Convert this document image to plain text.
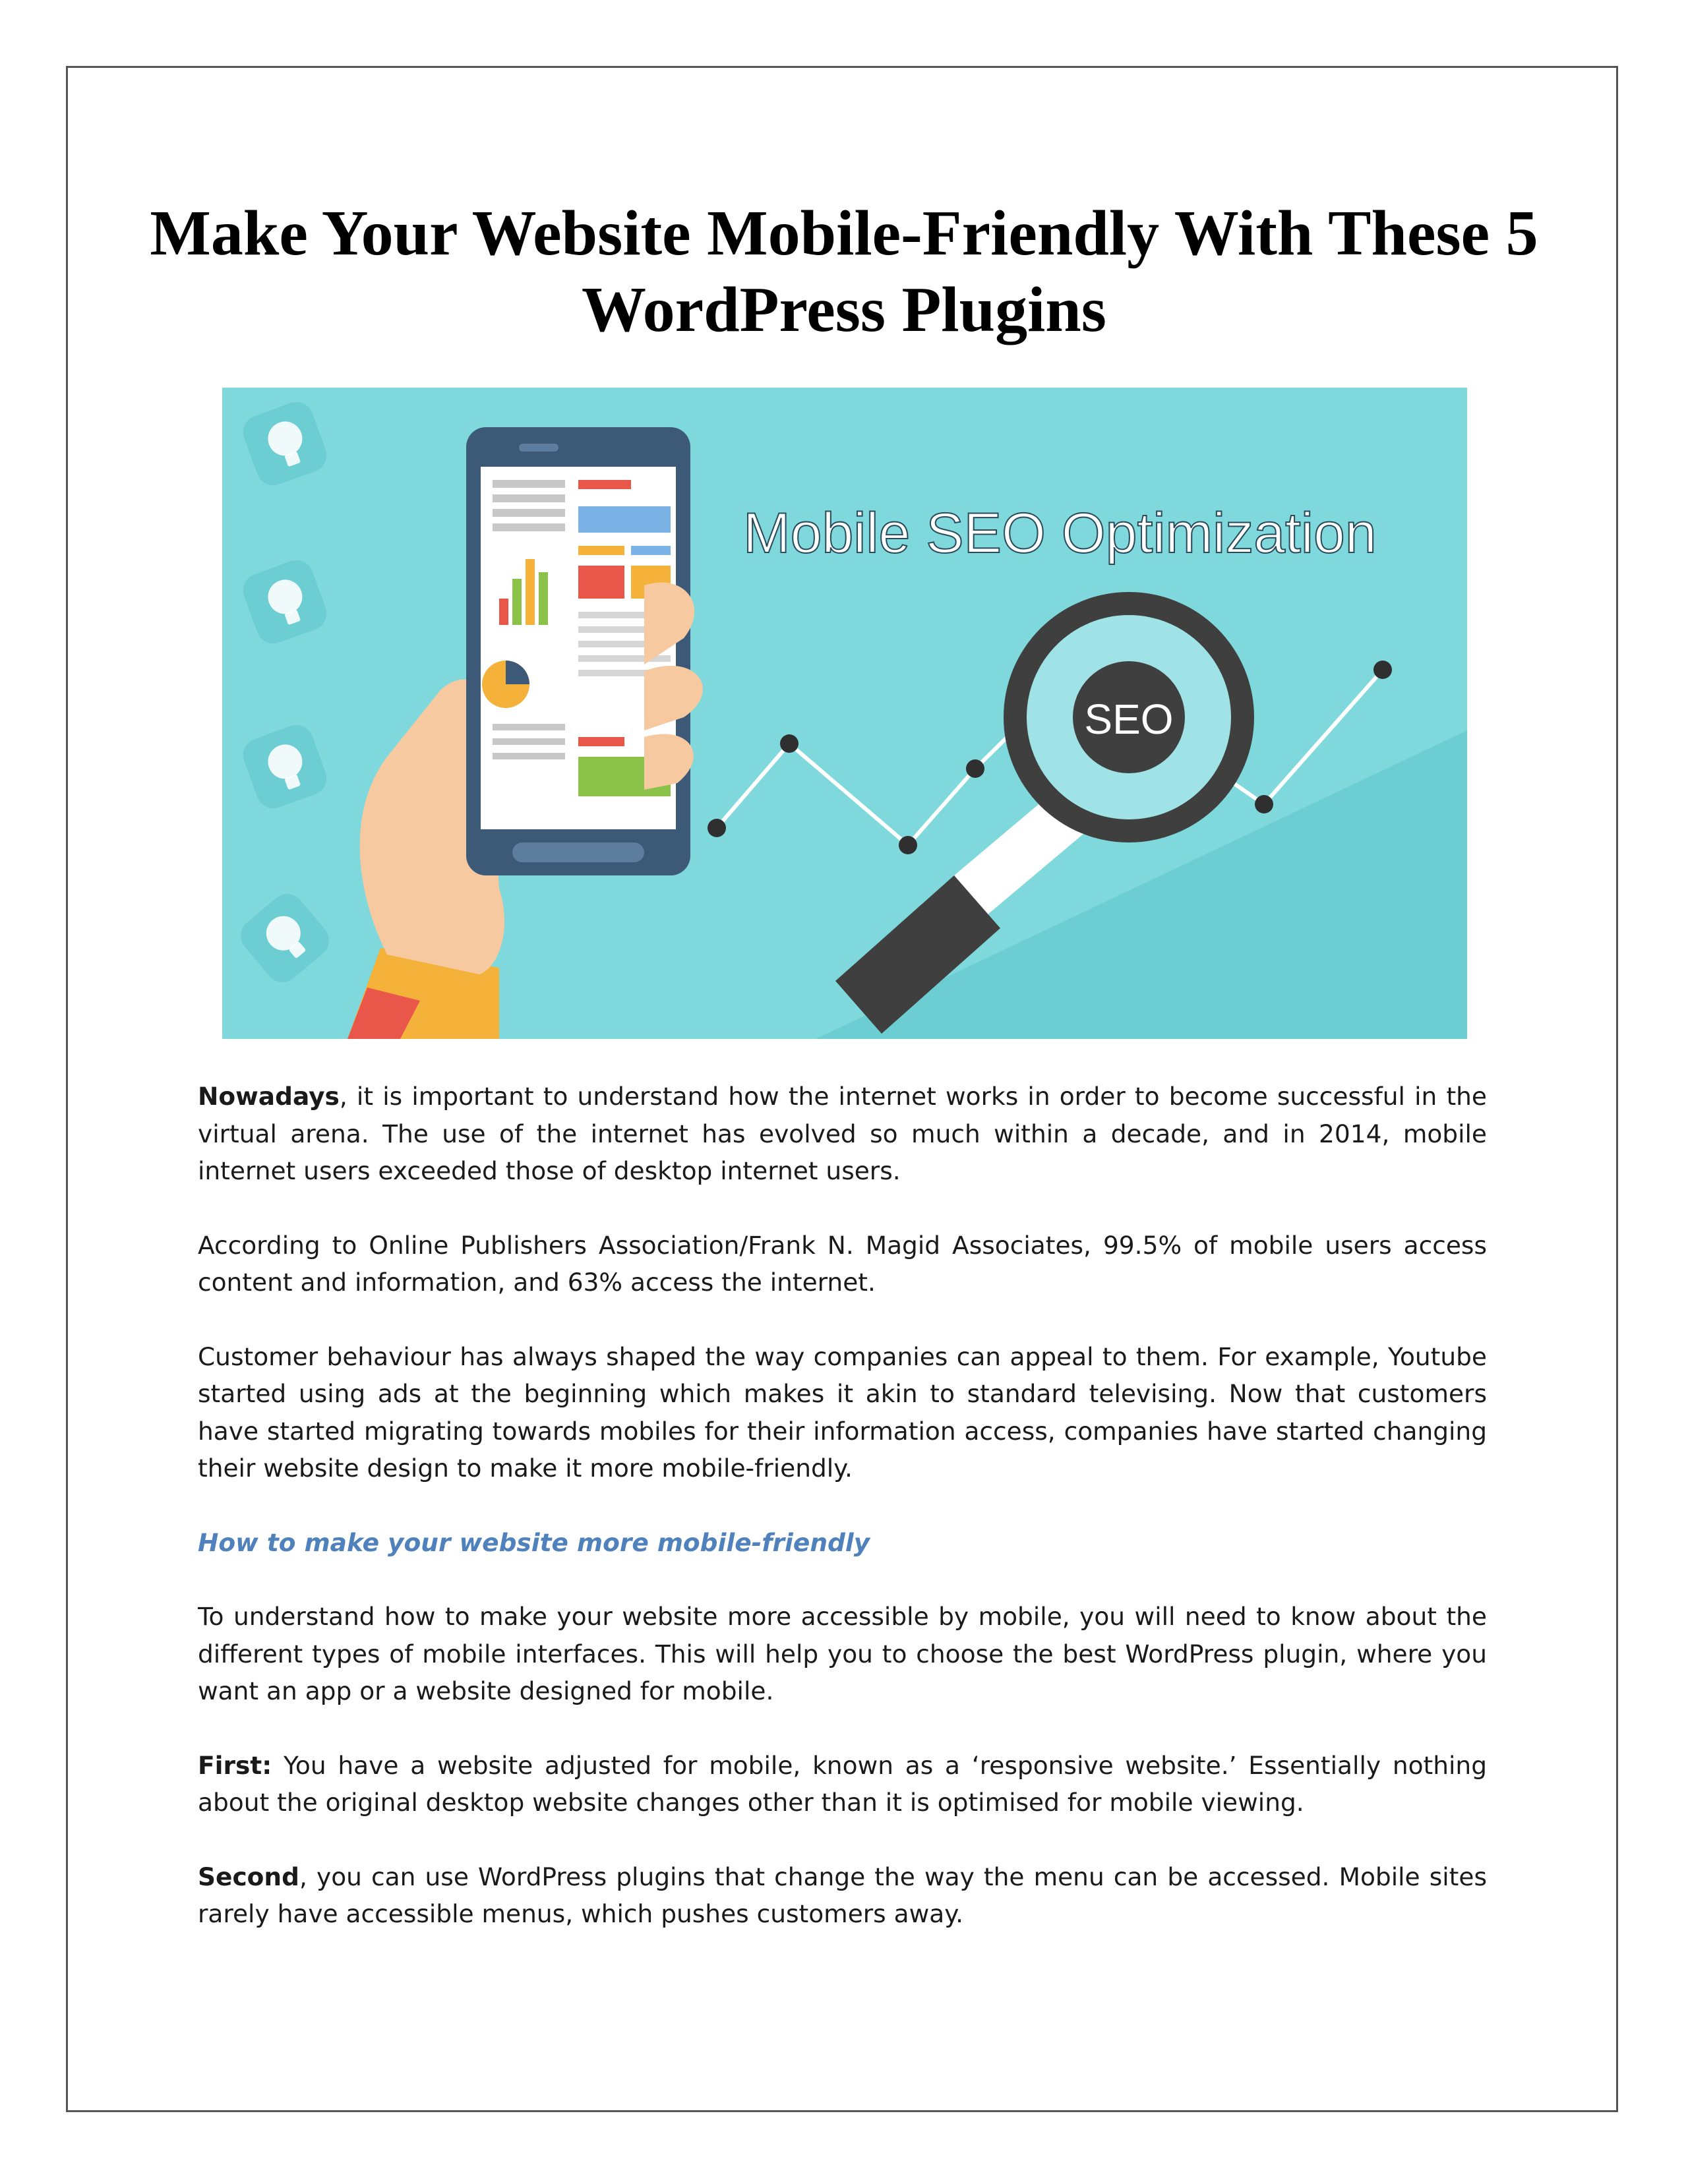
Make Your Website Mobile-Friendly With These 5 WordPress Plugins
Mobile SEO Optimization
SEO

Nowadays, it is important to understand how the internet works in order to become successful in the virtual arena. The use of the internet has evolved so much within a decade, and in 2014, mobile internet users exceeded those of desktop internet users.

According to Online Publishers Association/Frank N. Magid Associates, 99.5% of mobile users access content and information, and 63% access the internet.

Customer behaviour has always shaped the way companies can appeal to them. For example, Youtube started using ads at the beginning which makes it akin to standard televising. Now that customers have started migrating towards mobiles for their information access, companies have started changing their website design to make it more mobile-friendly.

How to make your website more mobile-friendly

To understand how to make your website more accessible by mobile, you will need to know about the different types of mobile interfaces. This will help you to choose the best WordPress plugin, where you want an app or a website designed for mobile.

First: You have a website adjusted for mobile, known as a ‘responsive website.’ Essentially nothing about the original desktop website changes other than it is optimised for mobile viewing.

Second, you can use WordPress plugins that change the way the menu can be accessed. Mobile sites rarely have accessible menus, which pushes customers away.
